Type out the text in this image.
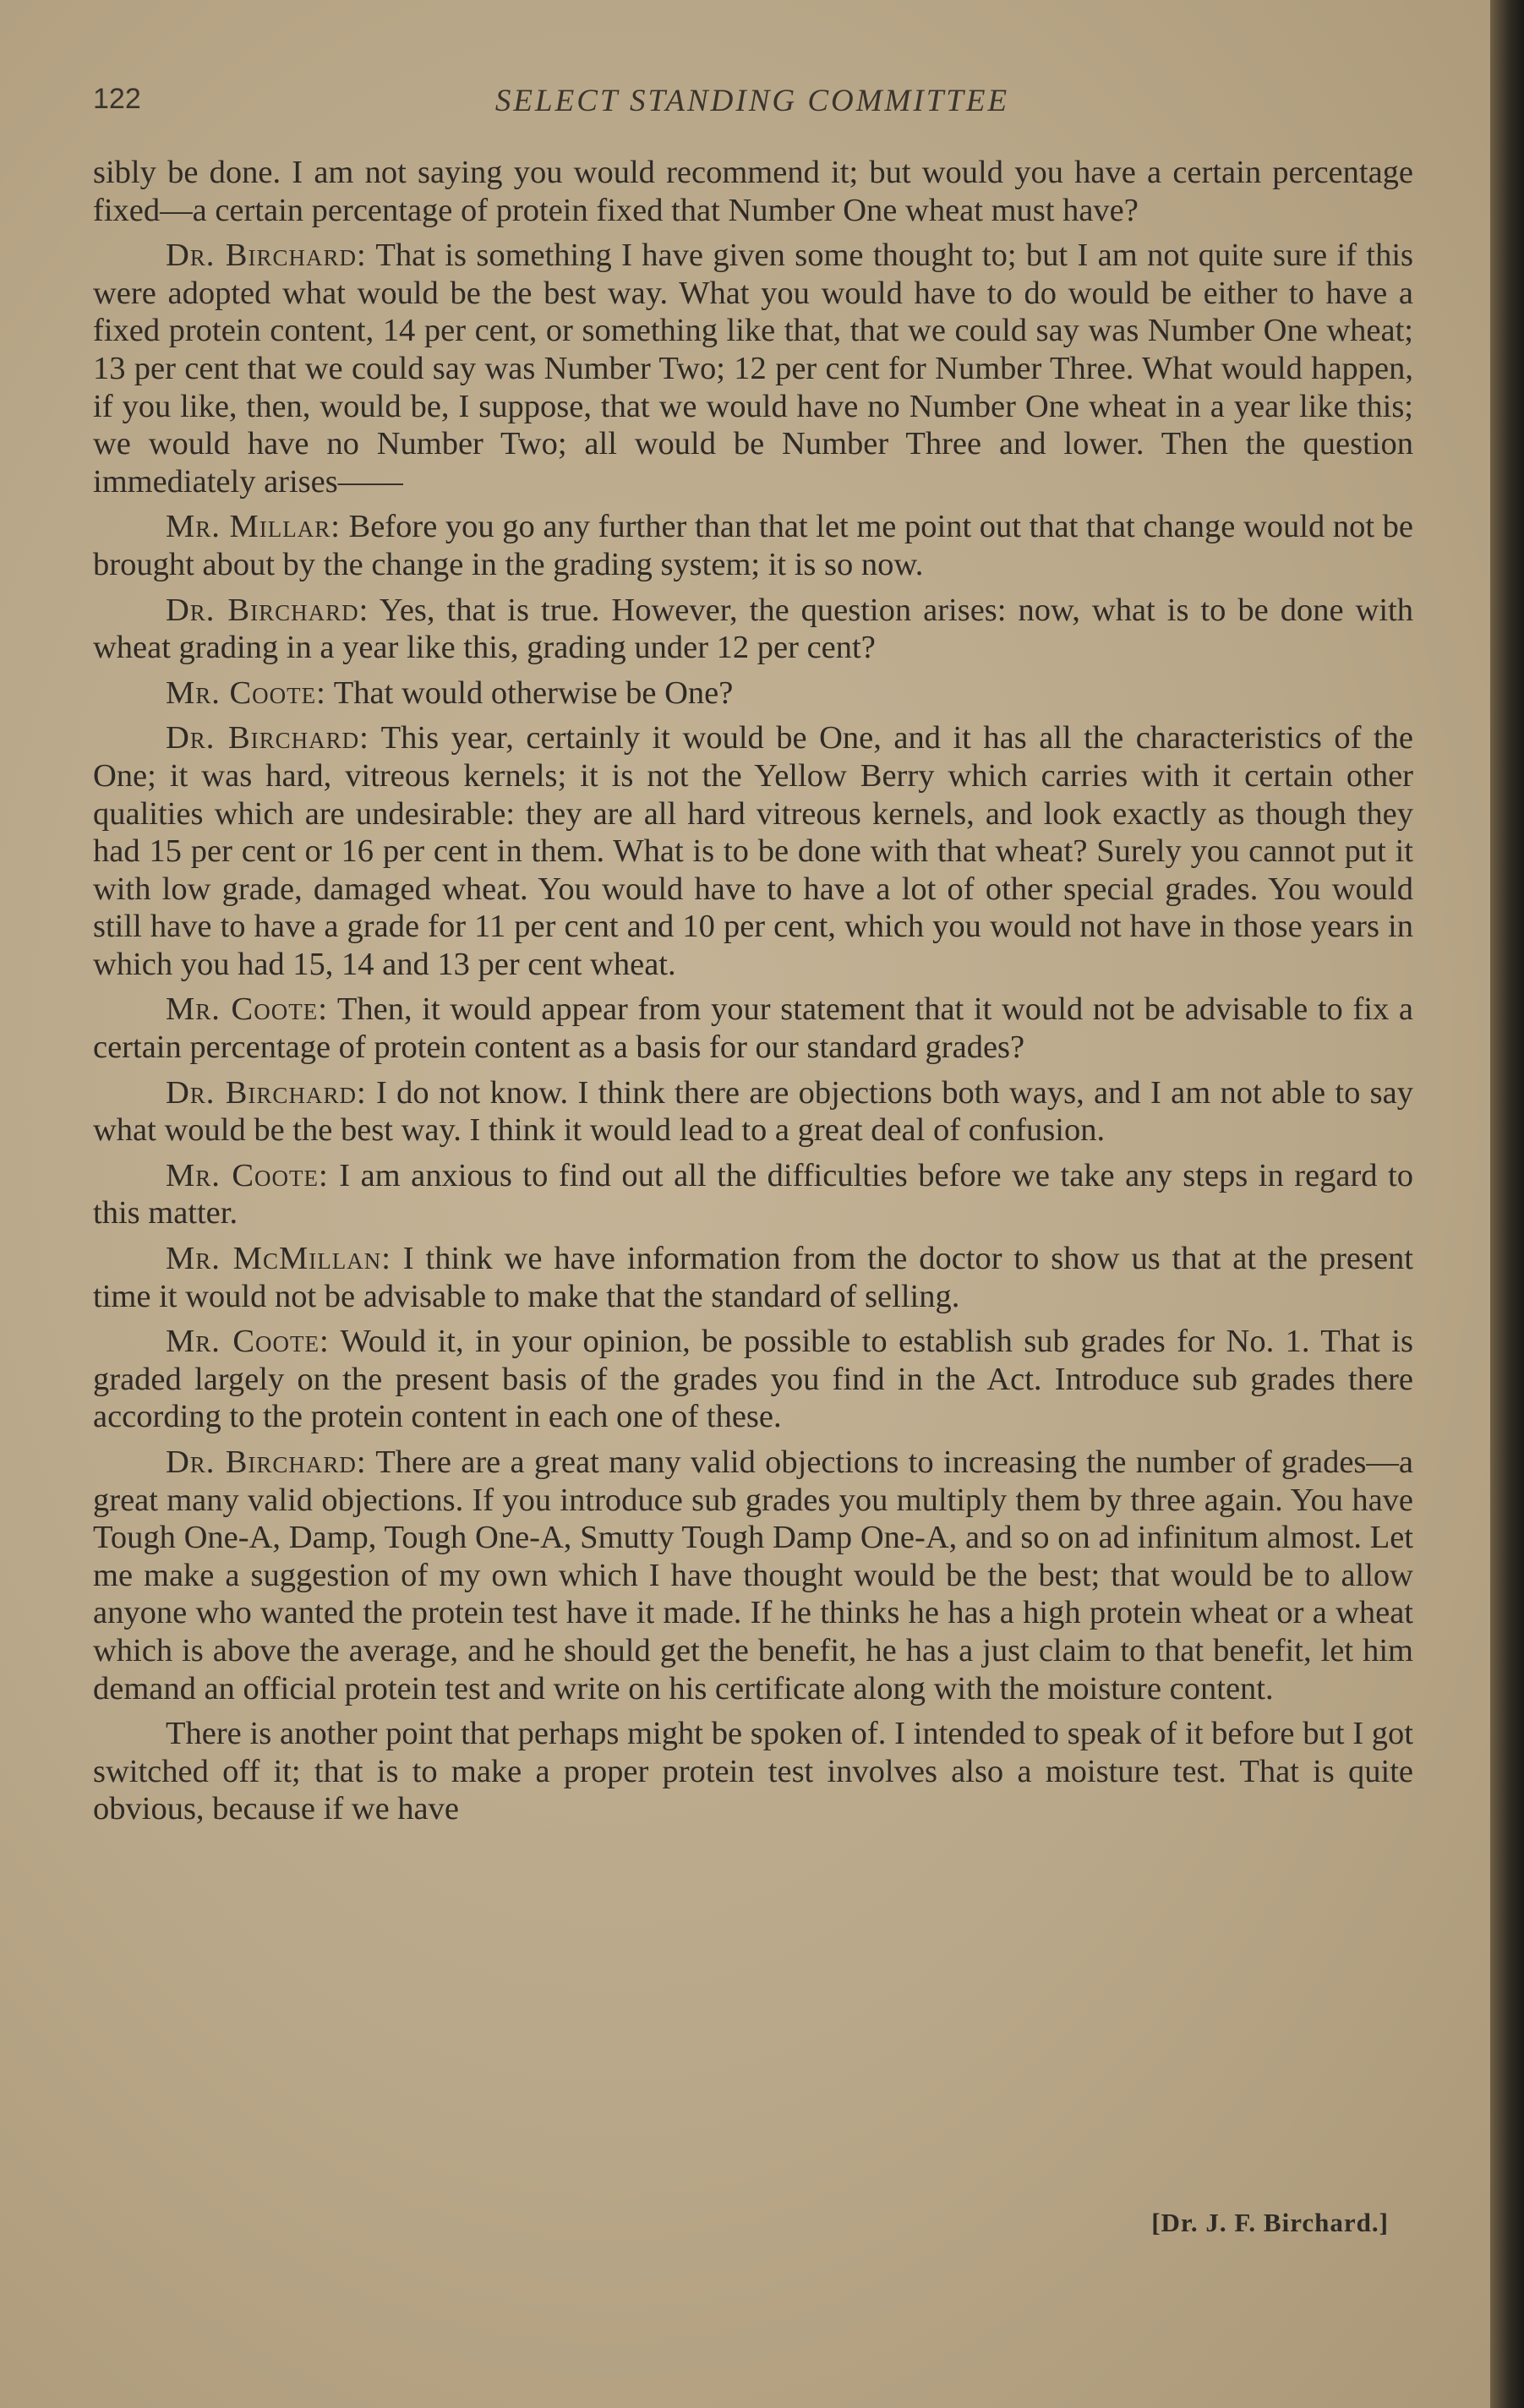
122	SELECT STANDING COMMITTEE

sibly be done. I am not saying you would recommend it; but would you have a certain percentage fixed—a certain percentage of protein fixed that Number One wheat must have?

Dr. Birchard: That is something I have given some thought to; but I am not quite sure if this were adopted what would be the best way. What you would have to do would be either to have a fixed protein content, 14 per cent, or something like that, that we could say was Number One wheat; 13 per cent that we could say was Number Two; 12 per cent for Number Three. What would happen, if you like, then, would be, I suppose, that we would have no Number One wheat in a year like this; we would have no Number Two; all would be Number Three and lower. Then the question immediately arises——

Mr. Millar: Before you go any further than that let me point out that that change would not be brought about by the change in the grading system; it is so now.

Dr. Birchard: Yes, that is true. However, the question arises: now, what is to be done with wheat grading in a year like this, grading under 12 per cent?

Mr. Coote: That would otherwise be One?

Dr. Birchard: This year, certainly it would be One, and it has all the characteristics of the One; it was hard, vitreous kernels; it is not the Yellow Berry which carries with it certain other qualities which are undesirable: they are all hard vitreous kernels, and look exactly as though they had 15 per cent or 16 per cent in them. What is to be done with that wheat? Surely you cannot put it with low grade, damaged wheat. You would have to have a lot of other special grades. You would still have to have a grade for 11 per cent and 10 per cent, which you would not have in those years in which you had 15, 14 and 13 per cent wheat.

Mr. Coote: Then, it would appear from your statement that it would not be advisable to fix a certain percentage of protein content as a basis for our standard grades?

Dr. Birchard: I do not know. I think there are objections both ways, and I am not able to say what would be the best way. I think it would lead to a great deal of confusion.

Mr. Coote: I am anxious to find out all the difficulties before we take any steps in regard to this matter.

Mr. McMillan: I think we have information from the doctor to show us that at the present time it would not be advisable to make that the standard of selling.

Mr. Coote: Would it, in your opinion, be possible to establish sub grades for No. 1. That is graded largely on the present basis of the grades you find in the Act. Introduce sub grades there according to the protein content in each one of these.

Dr. Birchard: There are a great many valid objections to increasing the number of grades—a great many valid objections. If you introduce sub grades you multiply them by three again. You have Tough One-A, Damp, Tough One-A, Smutty Tough Damp One-A, and so on ad infinitum almost. Let me make a suggestion of my own which I have thought would be the best; that would be to allow anyone who wanted the protein test have it made. If he thinks he has a high protein wheat or a wheat which is above the average, and he should get the benefit, he has a just claim to that benefit, let him demand an official protein test and write on his certificate along with the moisture content.

There is another point that perhaps might be spoken of. I intended to speak of it before but I got switched off it; that is to make a proper protein test involves also a moisture test. That is quite obvious, because if we have

[Dr. J. F. Birchard.]
